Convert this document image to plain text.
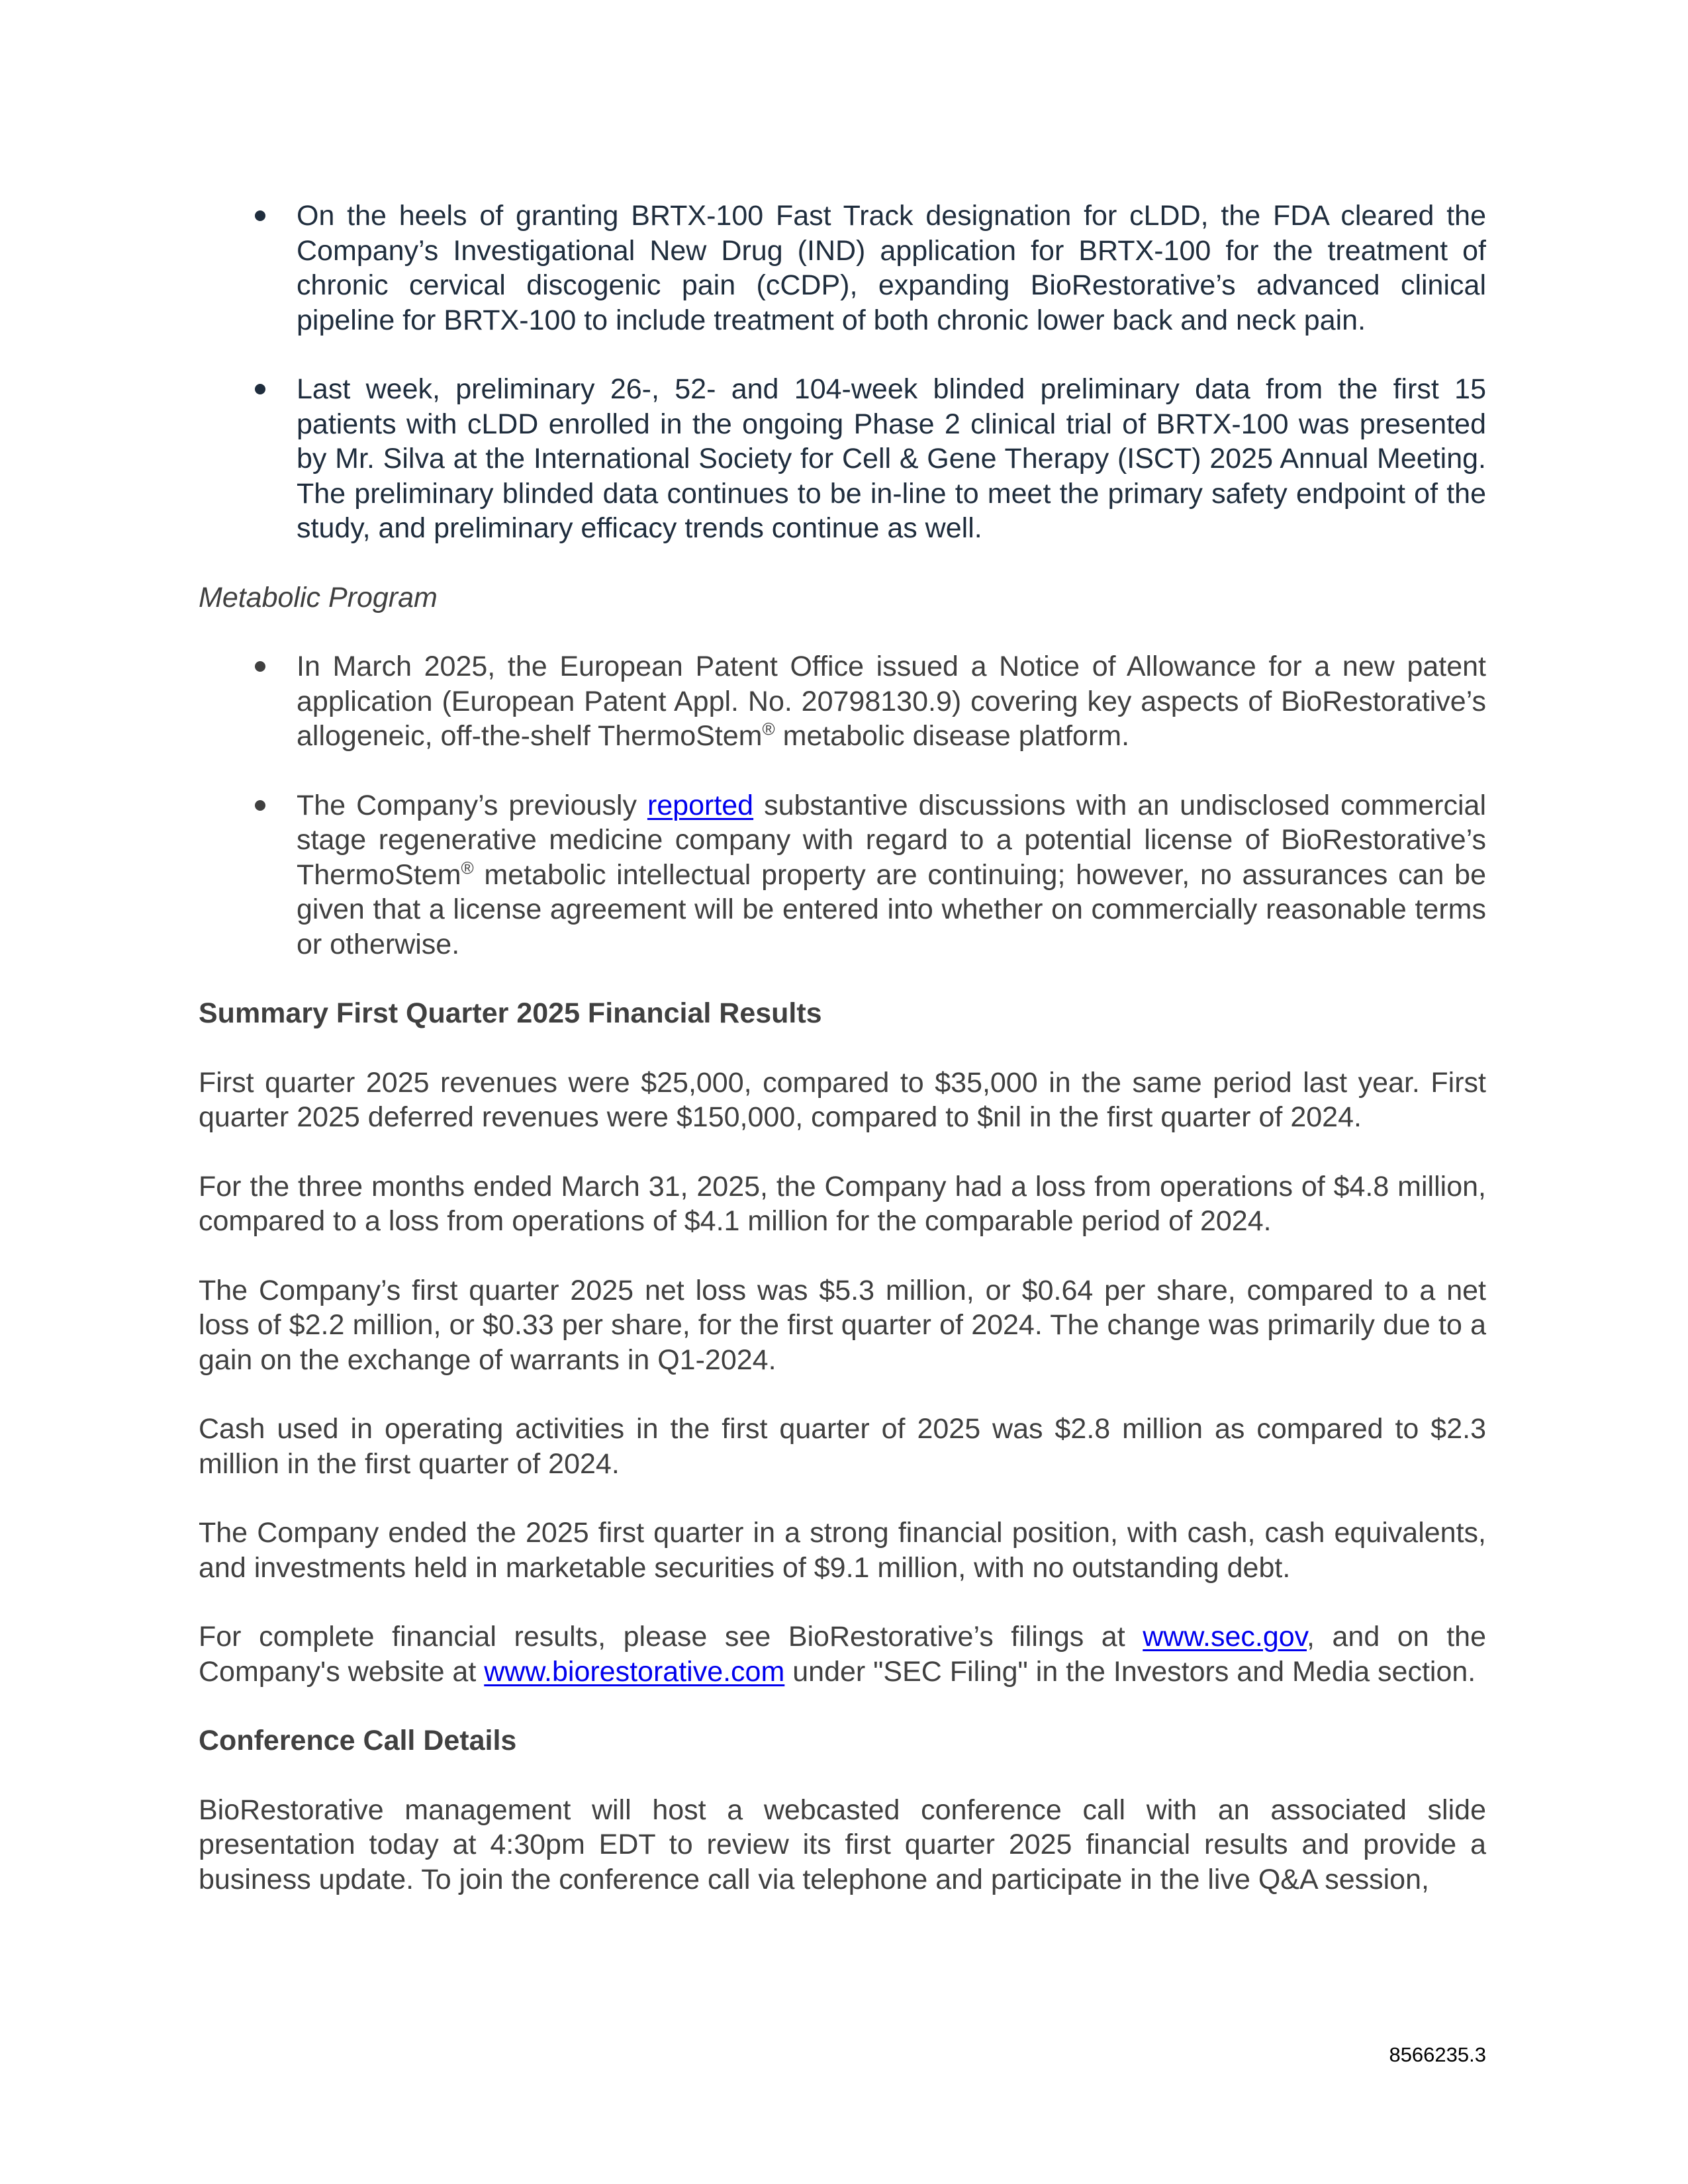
On the heels of granting BRTX-100 Fast Track designation for cLDD, the FDA cleared the Company’s Investigational New Drug (IND) application for BRTX-100 for the treatment of chronic cervical discogenic pain (cCDP), expanding BioRestorative’s advanced clinical pipeline for BRTX-100 to include treatment of both chronic lower back and neck pain.
Last week, preliminary 26-, 52- and 104-week blinded preliminary data from the first 15 patients with cLDD enrolled in the ongoing Phase 2 clinical trial of BRTX-100 was presented by Mr. Silva at the International Society for Cell & Gene Therapy (ISCT) 2025 Annual Meeting. The preliminary blinded data continues to be in-line to meet the primary safety endpoint of the study, and preliminary efficacy trends continue as well.
Metabolic Program
In March 2025, the European Patent Office issued a Notice of Allowance for a new patent application (European Patent Appl. No. 20798130.9) covering key aspects of BioRestorative’s allogeneic, off-the-shelf ThermoStem® metabolic disease platform.
The Company’s previously reported substantive discussions with an undisclosed commercial stage regenerative medicine company with regard to a potential license of BioRestorative’s ThermoStem® metabolic intellectual property are continuing; however, no assurances can be given that a license agreement will be entered into whether on commercially reasonable terms or otherwise.
Summary First Quarter 2025 Financial Results

First quarter 2025 revenues were $25,000, compared to $35,000 in the same period last year. First quarter 2025 deferred revenues were $150,000, compared to $nil in the first quarter of 2024.

For the three months ended March 31, 2025, the Company had a loss from operations of $4.8 million, compared to a loss from operations of $4.1 million for the comparable period of 2024.

The Company’s first quarter 2025 net loss was $5.3 million, or $0.64 per share, compared to a net loss of $2.2 million, or $0.33 per share, for the first quarter of 2024. The change was primarily due to a gain on the exchange of warrants in Q1-2024.

Cash used in operating activities in the first quarter of 2025 was $2.8 million as compared to $2.3 million in the first quarter of 2024.

The Company ended the 2025 first quarter in a strong financial position, with cash, cash equivalents, and investments held in marketable securities of $9.1 million, with no outstanding debt.

For complete financial results, please see BioRestorative’s filings at www.sec.gov, and on the Company's website at www.biorestorative.com under "SEC Filing" in the Investors and Media section.

Conference Call Details

BioRestorative management will host a webcasted conference call with an associated slide presentation today at 4:30pm EDT to review its first quarter 2025 financial results and provide a business update. To join the conference call via telephone and participate in the live Q&A session,

8566235.3
